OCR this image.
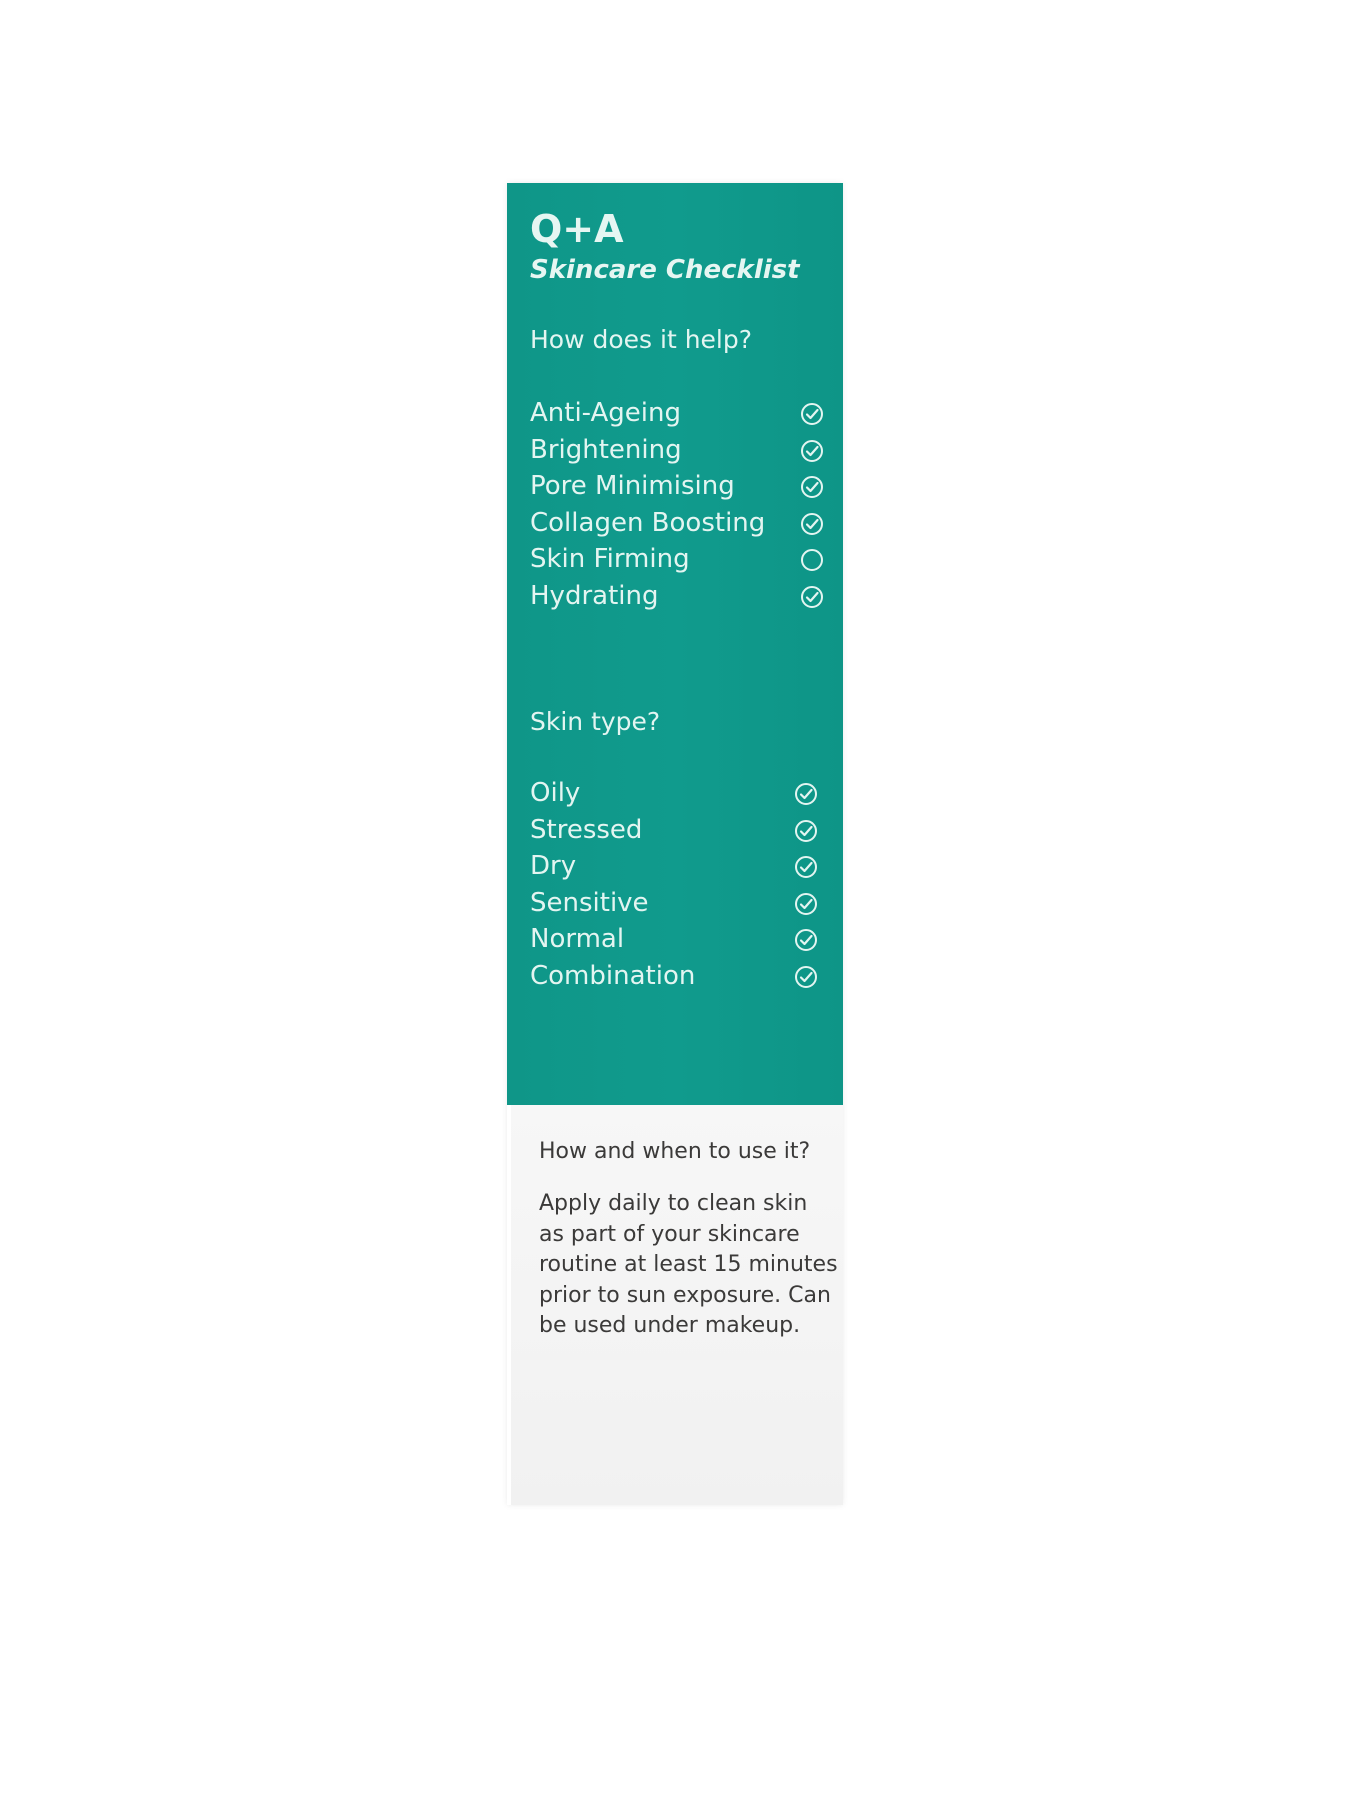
Q+A
Skincare Checklist
How does it help?
Anti-Ageing
Brightening
Pore Minimising
Collagen Boosting
Skin Firming
Hydrating
Skin type?
Oily
Stressed
Dry
Sensitive
Normal
Combination
How and when to use it?

Apply daily to clean skin as part of your skincare routine at least 15 minutes prior to sun exposure. Can be used under makeup.
